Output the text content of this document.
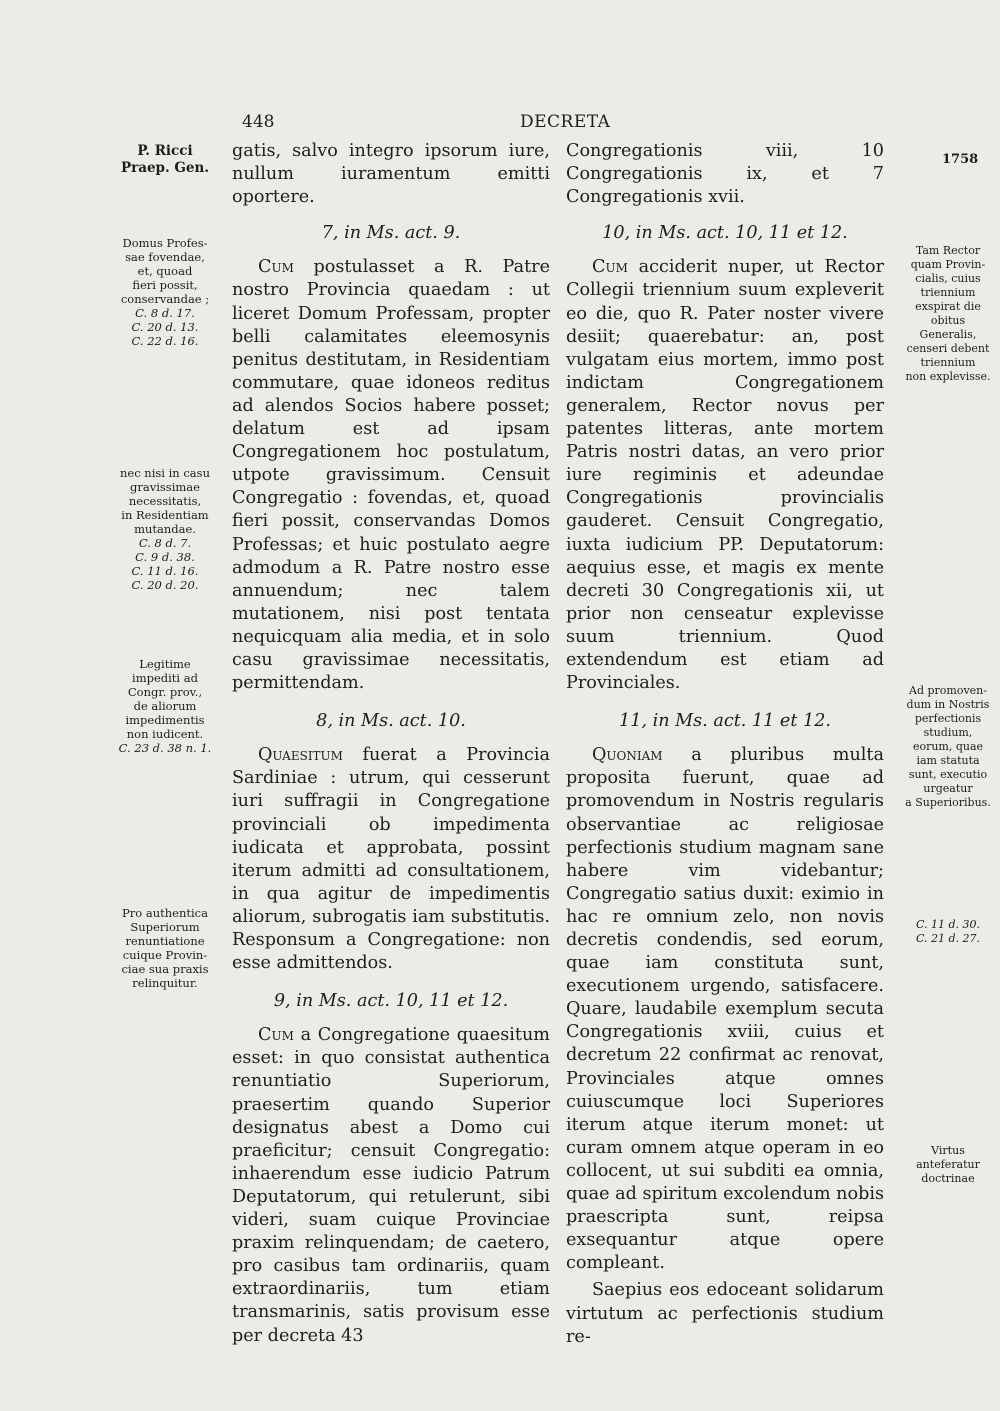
448	DECRETA
1758
P. Ricci
Praep. Gen.
Domus Profes-
sae fovendae,
et, quoad
fieri possit,
conservandae ;
C. 8 d. 17.
C. 20 d. 13.
C. 22 d. 16.
nec nisi in casu
gravissimae
necessitatis,
in Residentiam
mutandae.
C. 8 d. 7.
C. 9 d. 38.
C. 11 d. 16.
C. 20 d. 20.
Legitime
impediti ad
Congr. prov.,
de aliorum
impedimentis
non iudicent.
C. 23 d. 38 n. 1.
Pro authentica
Superiorum
renuntiatione
cuique Provin-
ciae sua praxis
relinquitur.
Tam Rector
quam Provin-
cialis, cuius
triennium
exspirat die
obitus
Generalis,
censeri debent
triennium
non explevisse.
Ad promoven-
dum in Nostris
perfectionis
studium,
eorum, quae
iam statuta
sunt, executio
urgeatur
a Superioribus.
C. 11 d. 30.
C. 21 d. 27.
Virtus
anteferatur
doctrinae

gatis, salvo integro ipsorum iure, nullum iuramentum emitti oportere.

7, in Ms. act. 9.

Cum postulasset a R. Patre nostro Provincia quaedam : ut liceret Domum Professam, propter belli calamitates eleemosynis penitus destitutam, in Residentiam commutare, quae idoneos reditus ad alendos Socios habere posset; delatum est ad ipsam Congregationem hoc postulatum, utpote gravissimum. Censuit Congregatio : fovendas, et, quoad fieri possit, conservandas Domos Professas; et huic postulato aegre admodum a R. Patre nostro esse annuendum; nec talem mutationem, nisi post tentata nequicquam alia media, et in solo casu gravissimae necessitatis, permittendam.

8, in Ms. act. 10.

Quaesitum fuerat a Provincia Sardiniae : utrum, qui cesserunt iuri suffragii in Congregatione provinciali ob impedimenta iudicata et approbata, possint iterum admitti ad consultationem, in qua agitur de impedimentis aliorum, subrogatis iam substitutis. Responsum a Congregatione: non esse admittendos.

9, in Ms. act. 10, 11 et 12.

Cum a Congregatione quaesitum esset: in quo consistat authentica renuntiatio Superiorum, praesertim quando Superior designatus abest a Domo cui praeficitur; censuit Congregatio: inhaerendum esse iudicio Patrum Deputatorum, qui retulerunt, sibi videri, suam cuique Provinciae praxim relinquendam; de caetero, pro casibus tam ordinariis, quam extraordinariis, tum etiam transmarinis, satis provisum esse per decreta 43

Congregationis viii, 10 Congregationis ix, et 7 Congregationis xvii.

10, in Ms. act. 10, 11 et 12.

Cum acciderit nuper, ut Rector Collegii triennium suum expleverit eo die, quo R. Pater noster vivere desiit; quaerebatur: an, post vulgatam eius mortem, immo post indictam Congregationem generalem, Rector novus per patentes litteras, ante mortem Patris nostri datas, an vero prior iure regiminis et adeundae Congregationis provincialis gauderet. Censuit Congregatio, iuxta iudicium PP. Deputatorum: aequius esse, et magis ex mente decreti 30 Congregationis xii, ut prior non censeatur explevisse suum triennium. Quod extendendum est etiam ad Provinciales.

11, in Ms. act. 11 et 12.

Quoniam a pluribus multa proposita fuerunt, quae ad promovendum in Nostris regularis observantiae ac religiosae perfectionis studium magnam sane habere vim videbantur; Congregatio satius duxit: eximio in hac re omnium zelo, non novis decretis condendis, sed eorum, quae iam constituta sunt, executionem urgendo, satisfacere. Quare, laudabile exemplum secuta Congregationis xviii, cuius et decretum 22 confirmat ac renovat, Provinciales atque omnes cuiuscumque loci Superiores iterum atque iterum monet: ut curam omnem atque operam in eo collocent, ut sui subditi ea omnia, quae ad spiritum excolendum nobis praescripta sunt, reipsa exsequantur atque opere compleant.

Saepius eos edoceant solidarum virtutum ac perfectionis studium re-
